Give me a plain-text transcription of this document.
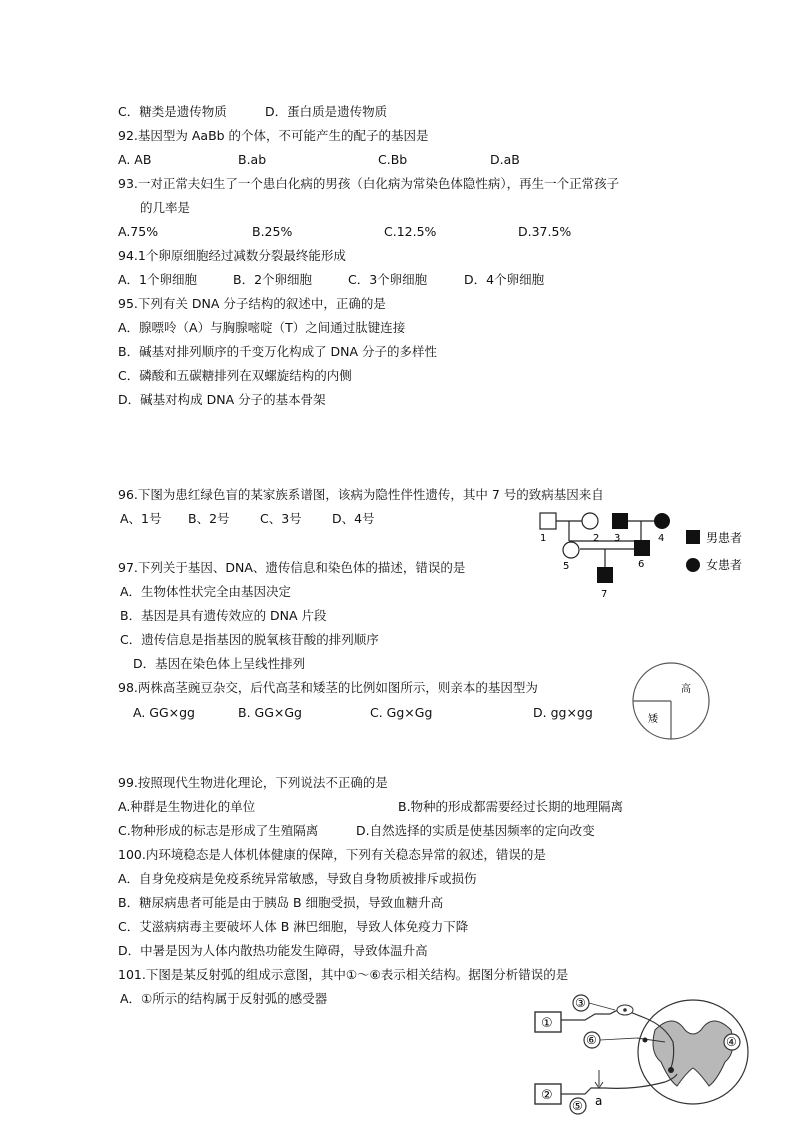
C．糖类是遗传物质	D．蛋白质是遗传物质
92.基因型为 AaBb 的个体，不可能产生的配子的基因是
A. AB	B.ab	C.Bb	D.aB
93.一对正常夫妇生了一个患白化病的男孩（白化病为常染色体隐性病），再生一个正常孩子
的几率是
A.75%	B.25%	C.12.5%	D.37.5%
94.1个卵原细胞经过减数分裂最终能形成
A．1个卵细胞	B．2个卵细胞	C．3个卵细胞	D．4个卵细胞
95.下列有关 DNA 分子结构的叙述中，正确的是
A．腺嘌呤（A）与胸腺嘧啶（T）之间通过肽键连接
B．碱基对排列顺序的千变万化构成了 DNA 分子的多样性
C．磷酸和五碳糖排列在双螺旋结构的内侧
D．碱基对构成 DNA 分子的基本骨架
96.下图为患红绿色盲的某家族系谱图，该病为隐性伴性遗传，其中 7 号的致病基因来自
A、1号 B、2号 C、3号 D、4号
1	2 3	4
5	6
7
男患者
女患者
97.下列关于基因、DNA、遗传信息和染色体的描述，错误的是
A．生物体性状完全由基因决定
B．基因是具有遗传效应的 DNA 片段
C．遗传信息是指基因的脱氧核苷酸的排列顺序
D．基因在染色体上呈线性排列
98.两株高茎豌豆杂交，后代高茎和矮茎的比例如图所示，则亲本的基因型为
A. GG×gg	B. GG×Gg	C. Gg×Gg	D. gg×gg
高
矮
99.按照现代生物进化理论，下列说法不正确的是
A.种群是生物进化的单位	B.物种的形成都需要经过长期的地理隔离
C.物种形成的标志是形成了生殖隔离	D.自然选择的实质是使基因频率的定向改变
100.内环境稳态是人体机体健康的保障，下列有关稳态异常的叙述，错误的是
A．自身免疫病是免疫系统异常敏感，导致自身物质被排斥或损伤
B．糖尿病患者可能是由于胰岛 B 细胞受损，导致血糖升高
C．艾滋病病毒主要破坏人体 B 淋巴细胞，导致人体免疫力下降
D．中暑是因为人体内散热功能发生障碍，导致体温升高
101.下图是某反射弧的组成示意图，其中①～⑥表示相关结构。据图分析错误的是
A．①所示的结构属于反射弧的感受器
①
②
③
④
⑤
⑥
a
